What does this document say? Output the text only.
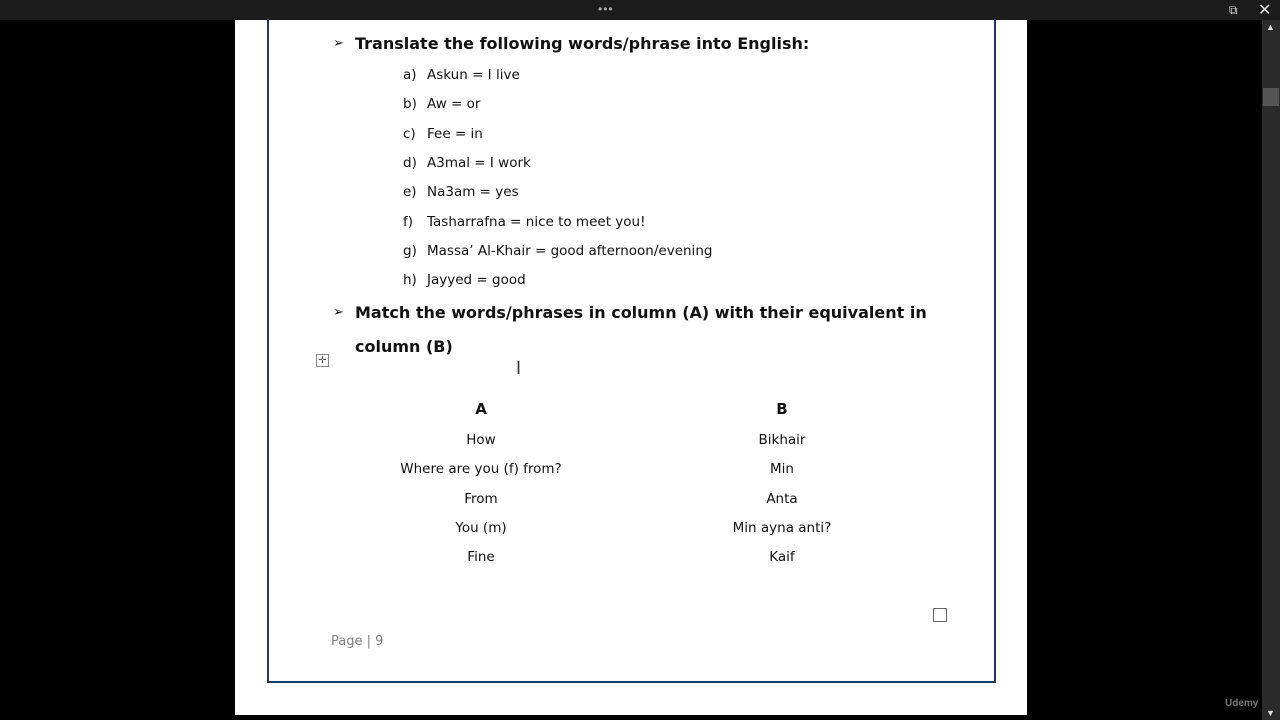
•••	⧉ ✕
▲
▼
Udemy
➢ Translate the following words/phrase into English:
a) Askun = I live
b) Aw = or
c) Fee = in
d) A3mal = I work
e) Na3am = yes
f) Tasharrafna = nice to meet you!
g) Massa’ Al-Khair = good afternoon/evening
h) Jayyed = good
➢ Match the words/phrases in column (A) with their equivalent in
column (B)
✛	I
A
How
Where are you (f) from?
From
You (m)
Fine
B
Bikhair
Min
Anta
Min ayna anti?
Kaif
Page | 9
